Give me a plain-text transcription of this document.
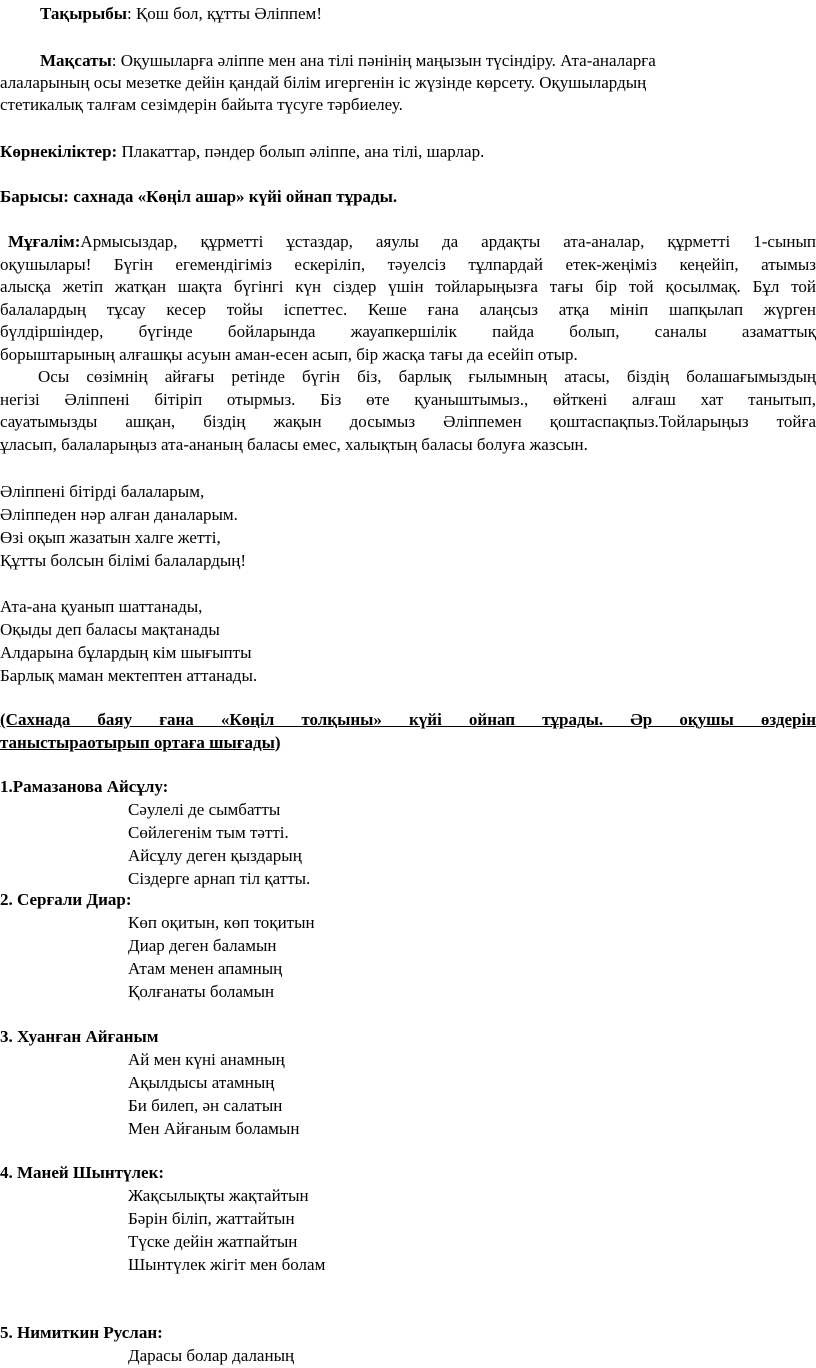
Тақырыбы: Қош бол, құтты Әліппем!
Мақсаты: Оқушыларға әліппе мен ана тілі пәнінің маңызын түсіндіру. Ата-аналарға
алаларының осы мезетке дейін қандай білім игергенін іс жүзінде көрсету. Оқушылардың
стетикалық талғам сезімдерін байыта түсуге тәрбиелеу.
Көрнекіліктер: Плакаттар, пәндер болып әліппе, ана тілі, шарлар.
Барысы: сахнада «Көңіл ашар» күйі ойнап тұрады.
Мұғалім:Армысыздар, құрметті ұстаздар, аяулы да ардақты ата-аналар, құрметті 1-сынып
оқушылары! Бүгін егемендігіміз ескеріліп, тәуелсіз тұлпардай етек-жеңіміз кеңейіп, атымыз
алысқа жетіп жатқан шақта бүгінгі күн сіздер үшін тойларыңызға тағы бір той қосылмақ. Бұл той
балалардың тұсау кесер тойы іспеттес. Кеше ғана алаңсыз атқа мініп шапқылап жүрген
бүлдіршіндер, бүгінде бойларында жауапкершілік пайда болып, саналы азаматтық
борыштарының алғашқы асуын аман-есен асып, бір жасқа тағы да есейіп отыр.
Осы сөзімнің айғағы ретінде бүгін біз, барлық ғылымның атасы, біздің болашағымыздың
негізі Әліппені бітіріп отырмыз. Біз өте қуаныштымыз., өйткені алғаш хат танытып,
сауатымызды ашқан, біздің жақын досымыз Әліппемен қоштаспақпыз.Тойларыңыз тойға
ұласып, балаларыңыз ата-ананың баласы емес, халықтың баласы болуға жазсын.
Әліппені бітірді балаларым,
Әліппеден нәр алған даналарым.
Өзі оқып жазатын халге жетті,
Құтты болсын білімі балалардың!
Ата-ана қуанып шаттанады,
Оқыды деп баласы мақтанады
Алдарына бұлардың кім шығыпты
Барлық маман мектептен аттанады.
(Сахнада баяу ғана «Көңіл толқыны» күйі ойнап тұрады. Әр оқушы өздерін
таныстыраотырып ортаға шығады)
1.Рамазанова Айсұлу:
Сәулелі де сымбатты
Сөйлегенім тым тәтті.
Айсұлу деген қыздарың
Сіздерге арнап тіл қатты.
2. Серғали Диар:
Көп оқитын, көп тоқитын
Диар деген баламын
Атам менен апамның
Қолғанаты боламын
3. Хуанған Айғаным
Ай мен күні анамның
Ақылдысы атамның
Би билеп, ән салатын
Мен Айғаным боламын
4. Маней Шынтүлек:
Жақсылықты жақтайтын
Бәрін біліп, жаттайтын
Түске дейін жатпайтын
Шынтүлек жігіт мен болам
5. Нимиткин Руслан:
Дарасы болар даланың
